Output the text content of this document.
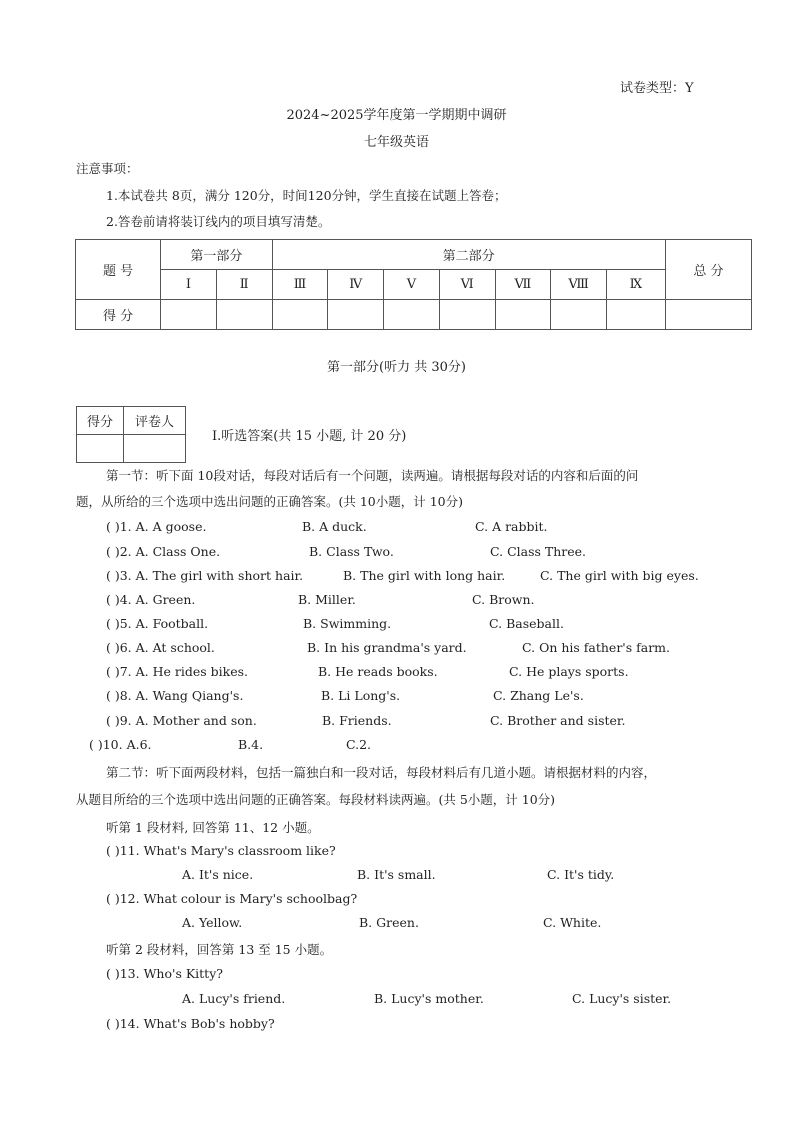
试卷类型：Y
2024~2025学年度第一学期期中调研
七年级英语
注意事项：
1.本试卷共 8页，满分 120分，时间120分钟，学生直接在试题上答卷；
2.答卷前请将装订线内的项目填写清楚。
题 号	第一部分		第二部分							总 分
	Ⅰ	Ⅱ	Ⅲ	Ⅳ	Ⅴ	Ⅵ	Ⅶ	Ⅷ	Ⅸ	
得 分										
第一部分(听力 共 30分)
得分	评卷人

Ⅰ.听选答案(共 15 小题, 计 20 分)
第一节：听下面 10段对话，每段对话后有一个问题，读两遍。请根据每段对话的内容和后面的问
题，从所给的三个选项中选出问题的正确答案。(共 10小题，计 10分)
( )1. A. A goose.	B. A duck.	C. A rabbit.
( )2. A. Class One.	B. Class Two.	C. Class Three.
( )3. A. The girl with short hair.	B. The girl with long hair.	C. The girl with big eyes.
( )4. A. Green.	B. Miller.	C. Brown.
( )5. A. Football.	B. Swimming.	C. Baseball.
( )6. A. At school.	B. In his grandma's yard.	C. On his father's farm.
( )7. A. He rides bikes.	B. He reads books.	C. He plays sports.
( )8. A. Wang Qiang's.	B. Li Long's.	C. Zhang Le's.
( )9. A. Mother and son.	B. Friends.	C. Brother and sister.
( )10. A.6.	B.4.	C.2.
第二节：听下面两段材料，包括一篇独白和一段对话，每段材料后有几道小题。请根据材料的内容，
从题目所给的三个选项中选出问题的正确答案。每段材料读两遍。(共 5小题，计 10分)
听第 1 段材料, 回答第 11、12 小题。
( )11. What's Mary's classroom like?
A. It's nice.	B. It's small.	C. It's tidy.
( )12. What colour is Mary's schoolbag?
A. Yellow.	B. Green.	C. White.
听第 2 段材料，回答第 13 至 15 小题。
( )13. Who's Kitty?
A. Lucy's friend.	B. Lucy's mother.	C. Lucy's sister.
( )14. What's Bob's hobby?
